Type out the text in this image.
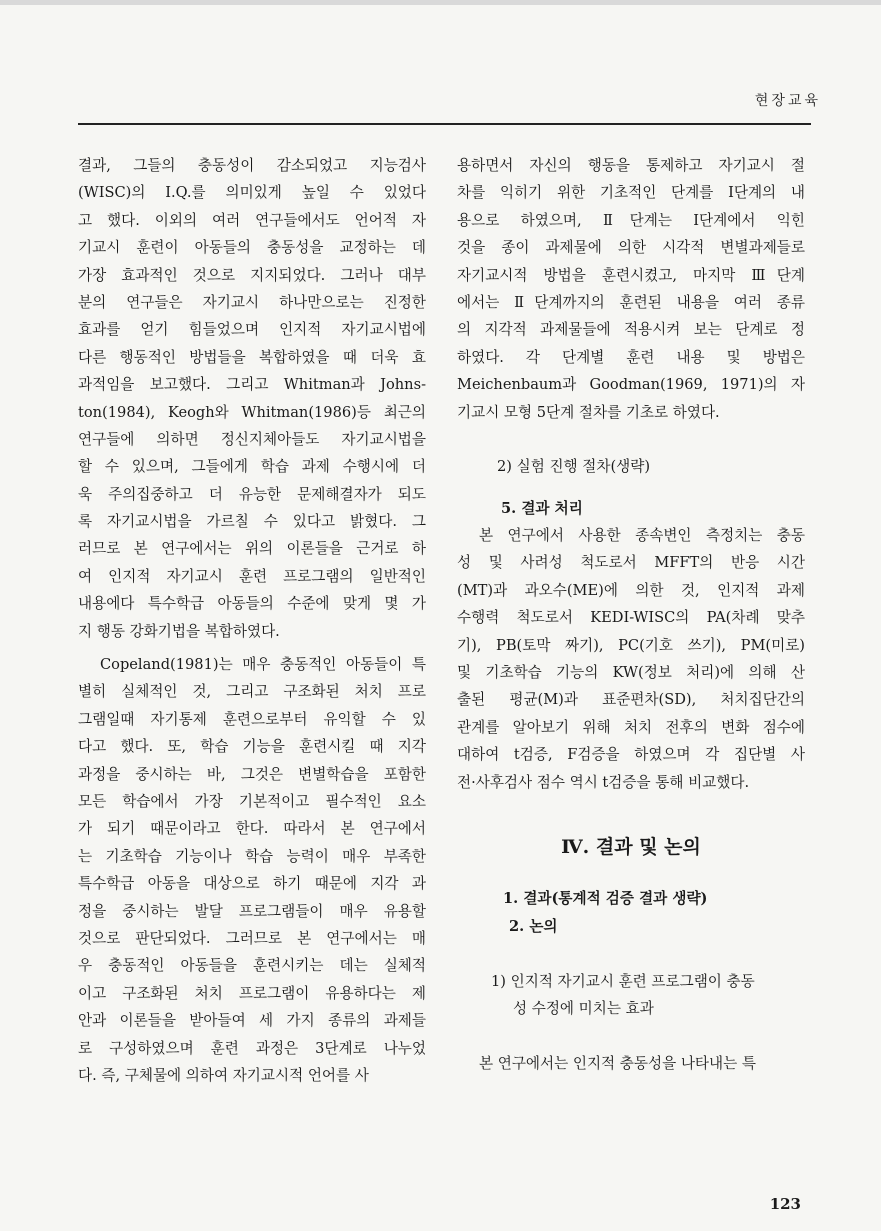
현장교육
결과, 그들의 충동성이 감소되었고 지능검사
(WISC)의 I.Q.를 의미있게 높일 수 있었다
고 했다. 이외의 여러 연구들에서도 언어적 자
기교시 훈련이 아동들의 충동성을 교정하는 데
가장 효과적인 것으로 지지되었다. 그러나 대부
분의 연구들은 자기교시 하나만으로는 진정한
효과를 얻기 힘들었으며 인지적 자기교시법에
다른 행동적인 방법들을 복합하였을 때 더욱 효
과적임을 보고했다. 그리고 Whitman과 Johns-
ton(1984), Keogh와 Whitman(1986)등 최근의
연구들에 의하면 정신지체아들도 자기교시법을
할 수 있으며, 그들에게 학습 과제 수행시에 더
욱 주의집중하고 더 유능한 문제해결자가 되도
록 자기교시법을 가르칠 수 있다고 밝혔다. 그
러므로 본 연구에서는 위의 이론들을 근거로 하
여 인지적 자기교시 훈련 프로그램의 일반적인
내용에다 특수학급 아동들의 수준에 맞게 몇 가
지 행동 강화기법을 복합하였다.
Copeland(1981)는 매우 충동적인 아동들이 특
별히 실체적인 것, 그리고 구조화된 처치 프로
그램일때 자기통제 훈련으로부터 유익할 수 있
다고 했다. 또, 학습 기능을 훈련시킬 때 지각
과정을 중시하는 바, 그것은 변별학습을 포함한
모든 학습에서 가장 기본적이고 필수적인 요소
가 되기 때문이라고 한다. 따라서 본 연구에서
는 기초학습 기능이나 학습 능력이 매우 부족한
특수학급 아동을 대상으로 하기 때문에 지각 과
정을 중시하는 발달 프로그램들이 매우 유용할
것으로 판단되었다. 그러므로 본 연구에서는 매
우 충동적인 아동들을 훈련시키는 데는 실체적
이고 구조화된 처치 프로그램이 유용하다는 제
안과 이론들을 받아들여 세 가지 종류의 과제들
로 구성하였으며 훈련 과정은 3단계로 나누었
다. 즉, 구체물에 의하여 자기교시적 언어를 사
용하면서 자신의 행동을 통제하고 자기교시 절
차를 익히기 위한 기초적인 단계를 I단계의 내
용으로 하였으며, Ⅱ단계는 I단계에서 익힌
것을 종이 과제물에 의한 시각적 변별과제들로
자기교시적 방법을 훈련시켰고, 마지막 Ⅲ단계
에서는 Ⅱ단계까지의 훈련된 내용을 여러 종류
의 지각적 과제물들에 적용시켜 보는 단계로 정
하였다. 각 단계별 훈련 내용 및 방법은
Meichenbaum과 Goodman(1969, 1971)의 자
기교시 모형 5단계 절차를 기초로 하였다.
2) 실험 진행 절차(생략)
5. 결과 처리
본 연구에서 사용한 종속변인 측정치는 충동
성 및 사려성 척도로서 MFFT의 반응 시간
(MT)과 과오수(ME)에 의한 것, 인지적 과제
수행력 척도로서 KEDI-WISC의 PA(차례 맞추
기), PB(토막 짜기), PC(기호 쓰기), PM(미로)
및 기초학습 기능의 KW(정보 처리)에 의해 산
출된 평균(M)과 표준편차(SD), 처치집단간의
관계를 알아보기 위해 처치 전후의 변화 점수에
대하여 t검증, F검증을 하였으며 각 집단별 사
전·사후검사 점수 역시 t검증을 통해 비교했다.
Ⅳ. 결과 및 논의
1. 결과(통계적 검증 결과 생략)
2. 논의
1) 인지적 자기교시 훈련 프로그램이 충동
성 수정에 미치는 효과
본 연구에서는 인지적 충동성을 나타내는 특
123
